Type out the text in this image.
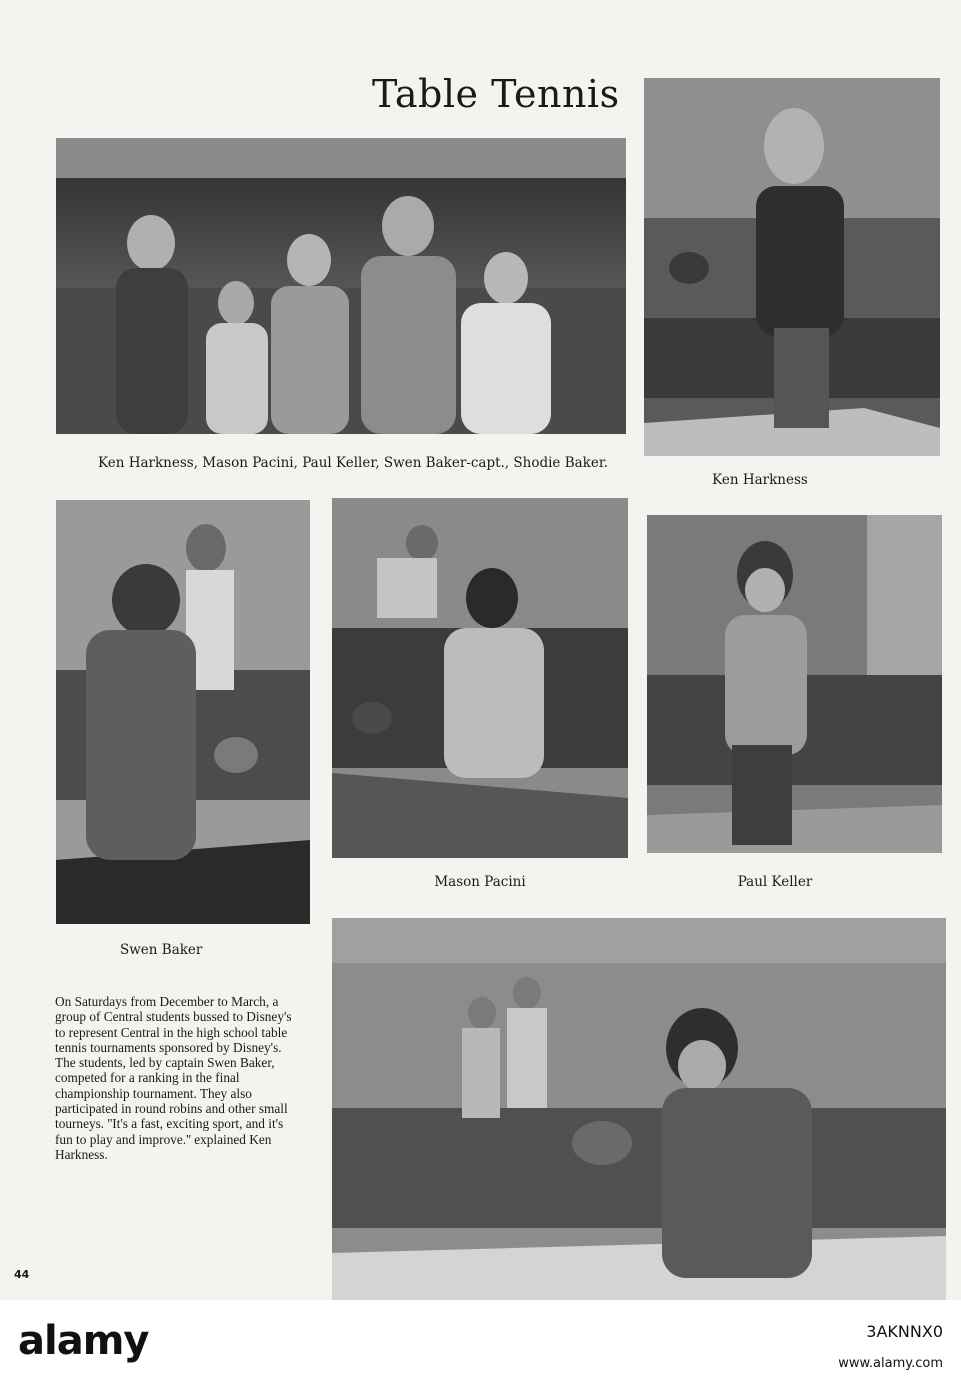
Table Tennis
Ken Harkness, Mason Pacini, Paul Keller, Swen Baker-capt., Shodie Baker.
Ken Harkness
Swen Baker
Mason Pacini	Paul Keller
On Saturdays from December to March, a group of Central students bussed to Disney's to represent Central in the high school table tennis tournaments sponsored by Disney's. The students, led by captain Swen Baker, competed for a ranking in the final championship tournament. They also participated in round robins and other small tourneys. ''It's a fast, exciting sport, and it's fun to play and improve.'' explained Ken Harkness.
44
alamy	3AKNNX0
www.alamy.com
